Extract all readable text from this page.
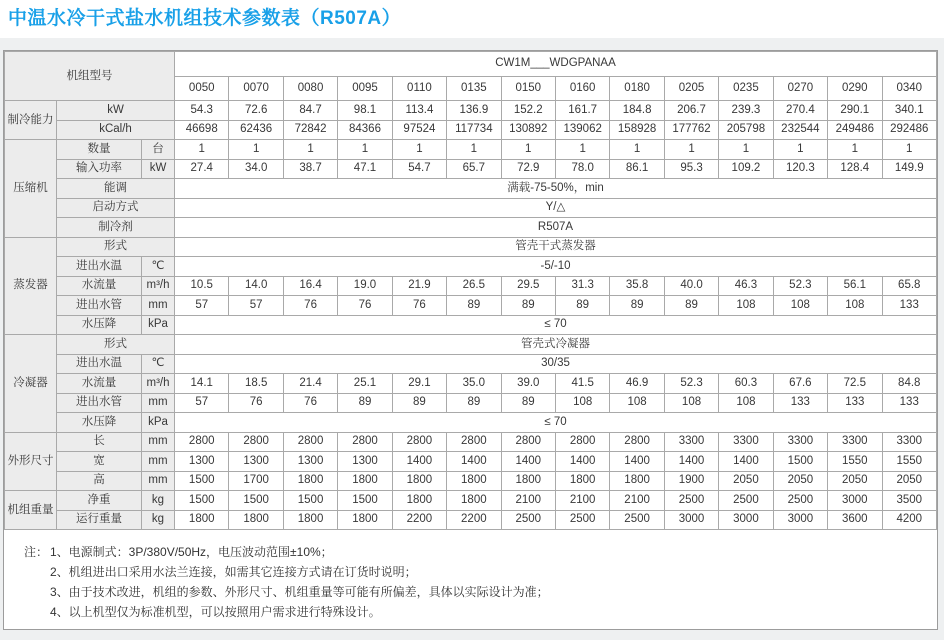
中温水冷干式盐水机组技术参数表（R507A）
机组型号			CW1M___WDGPANAA													
			0050	0070	0080	0095	0110	0135	0150	0160	0180	0205	0235	0270	0290	0340
制冷能力	kW		54.3	72.6	84.7	98.1	113.4	136.9	152.2	161.7	184.8	206.7	239.3	270.4	290.1	340.1
	kCal/h		46698	62436	72842	84366	97524	117734	130892	139062	158928	177762	205798	232544	249486	292486
压缩机	数量	台	1	1	1	1	1	1	1	1	1	1	1	1	1	1
	输入功率	kW	27.4	34.0	38.7	47.1	54.7	65.7	72.9	78.0	86.1	95.3	109.2	120.3	128.4	149.9
	能调		满载-75-50%，min													
	启动方式		Y/△													
	制冷剂		R507A													
蒸发器	形式		管壳干式蒸发器													
	进出水温	℃	-5/-10													
	水流量	m³/h	10.5	14.0	16.4	19.0	21.9	26.5	29.5	31.3	35.8	40.0	46.3	52.3	56.1	65.8
	进出水管	mm	57	57	76	76	76	89	89	89	89	89	108	108	108	133
	水压降	kPa	≤ 70													
冷凝器	形式		管壳式冷凝器													
	进出水温	℃	30/35													
	水流量	m³/h	14.1	18.5	21.4	25.1	29.1	35.0	39.0	41.5	46.9	52.3	60.3	67.6	72.5	84.8
	进出水管	mm	57	76	76	89	89	89	89	108	108	108	108	133	133	133
	水压降	kPa	≤ 70													
外形尺寸	长	mm	2800	2800	2800	2800	2800	2800	2800	2800	2800	3300	3300	3300	3300	3300
	宽	mm	1300	1300	1300	1300	1400	1400	1400	1400	1400	1400	1400	1500	1550	1550
	高	mm	1500	1700	1800	1800	1800	1800	1800	1800	1800	1900	2050	2050	2050	2050
机组重量	净重	kg	1500	1500	1500	1500	1800	1800	2100	2100	2100	2500	2500	2500	3000	3500
	运行重量	kg	1800	1800	1800	1800	2200	2200	2500	2500	2500	3000	3000	3000	3600	4200
注： 1、电源制式：3P/380V/50Hz，电压波动范围±10%；
2、机组进出口采用水法兰连接，如需其它连接方式请在订货时说明；
3、由于技术改进，机组的参数、外形尺寸、机组重量等可能有所偏差，具体以实际设计为准；
4、以上机型仅为标准机型，可以按照用户需求进行特殊设计。
